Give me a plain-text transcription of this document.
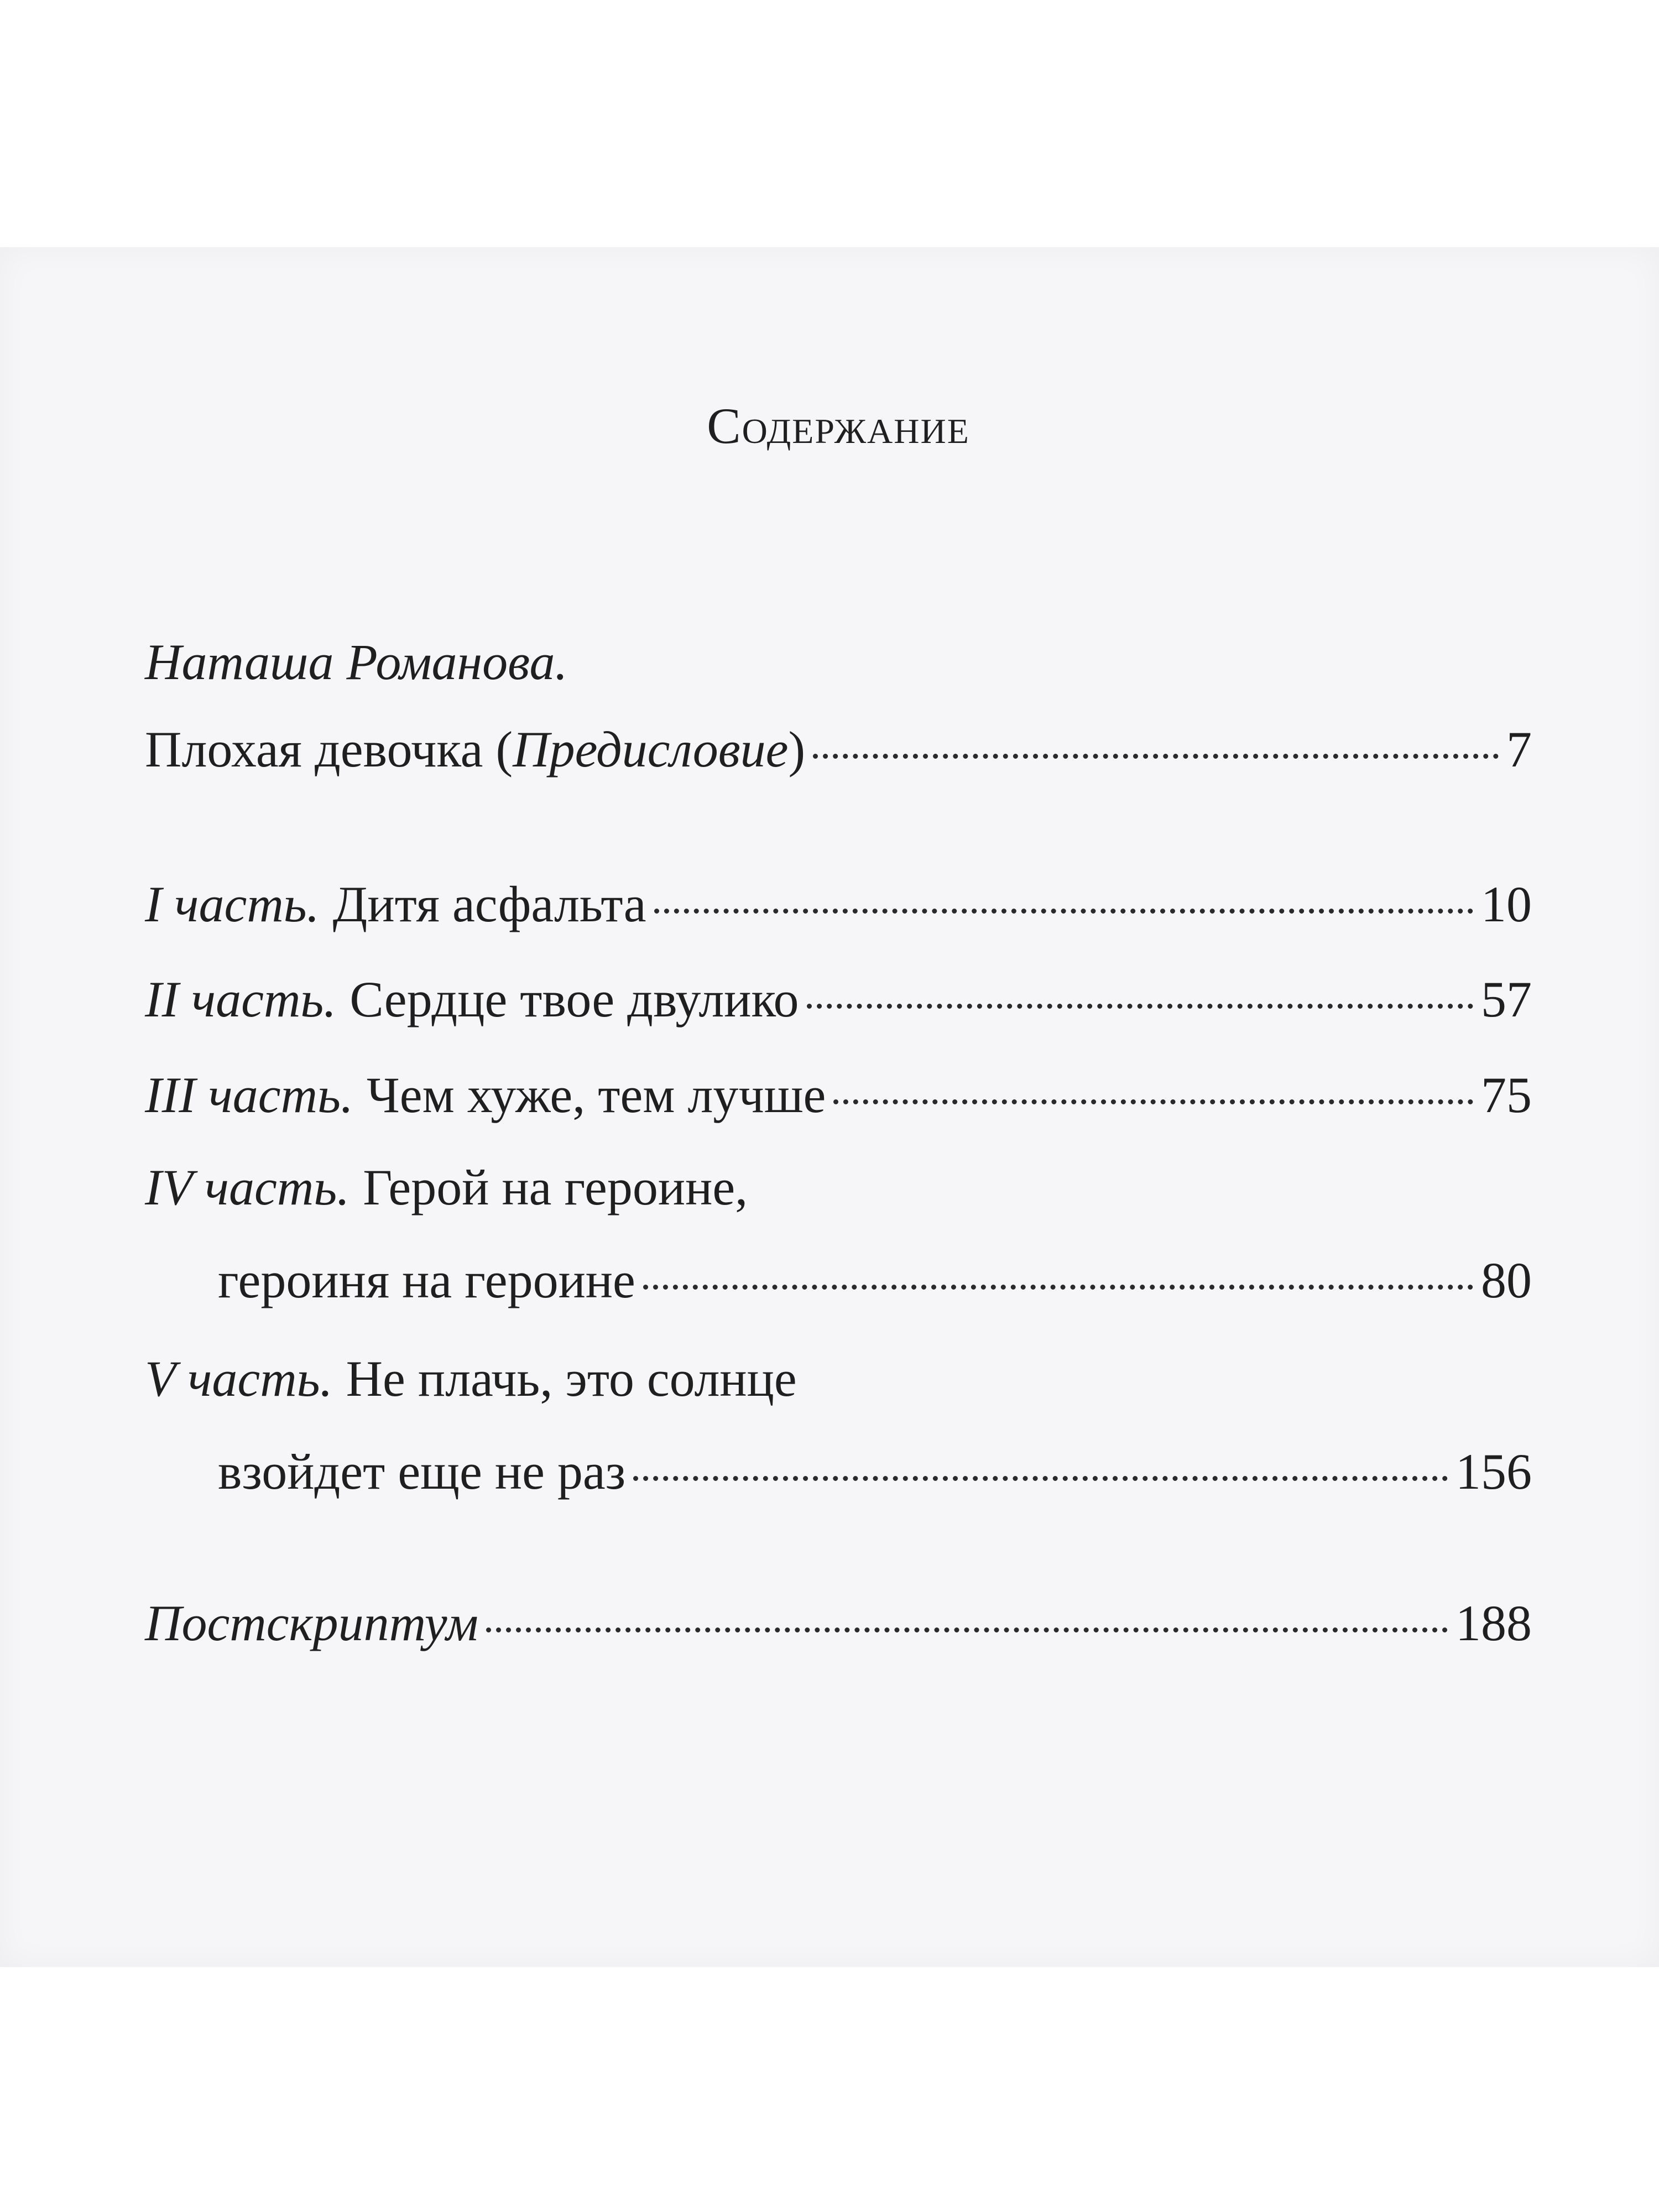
Содержание
Наташа Романова.
Плохая девочка (Предисловие)	7
I часть. Дитя асфальта	10
II часть. Сердце твое двулико	57
III часть. Чем хуже, тем лучше	75
IV часть. Герой на героине,
героиня на героине	80
V часть. Не плачь, это солнце
взойдет еще не раз	156
Постскриптум	188
